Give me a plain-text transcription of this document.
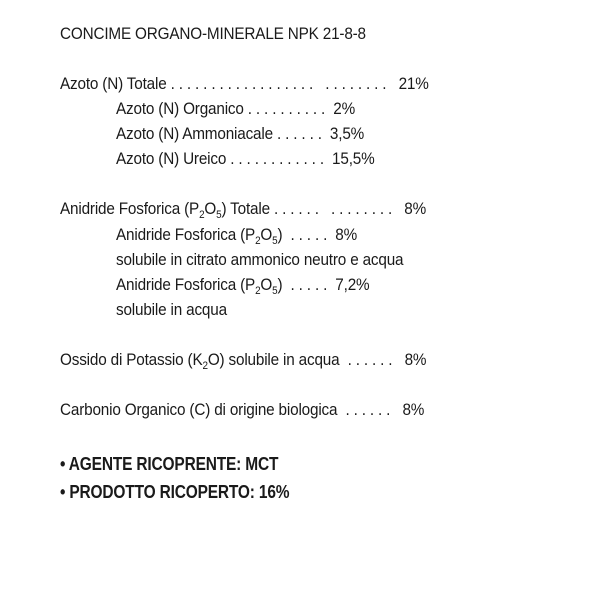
CONCIME ORGANO-MINERALE NPK 21-8-8
Azoto (N) Totale . . . . . . . . . . . . . . . . . .   . . . . . . . .   21%
Azoto (N) Organico . . . . . . . . . .  2%
Azoto (N) Ammoniacale . . . . . .  3,5%
Azoto (N) Ureico . . . . . . . . . . . .  15,5%
Anidride Fosforica $(P_2O_5)$ Totale . . . . . .   . . . . . . . .   8%
Anidride Fosforica $(P_2O_5)$  . . . . .  8%
solubile in citrato ammonico neutro e acqua
Anidride Fosforica $(P_2O_5)$  . . . . .  7,2%
solubile in acqua
Ossido di Potassio $(K_2O)$ solubile in acqua  . . . . . .   8%
Carbonio Organico (C) di origine biologica  . . . . . .   8%
• AGENTE RICOPRENTE: MCT
• PRODOTTO RICOPERTO: 16%
